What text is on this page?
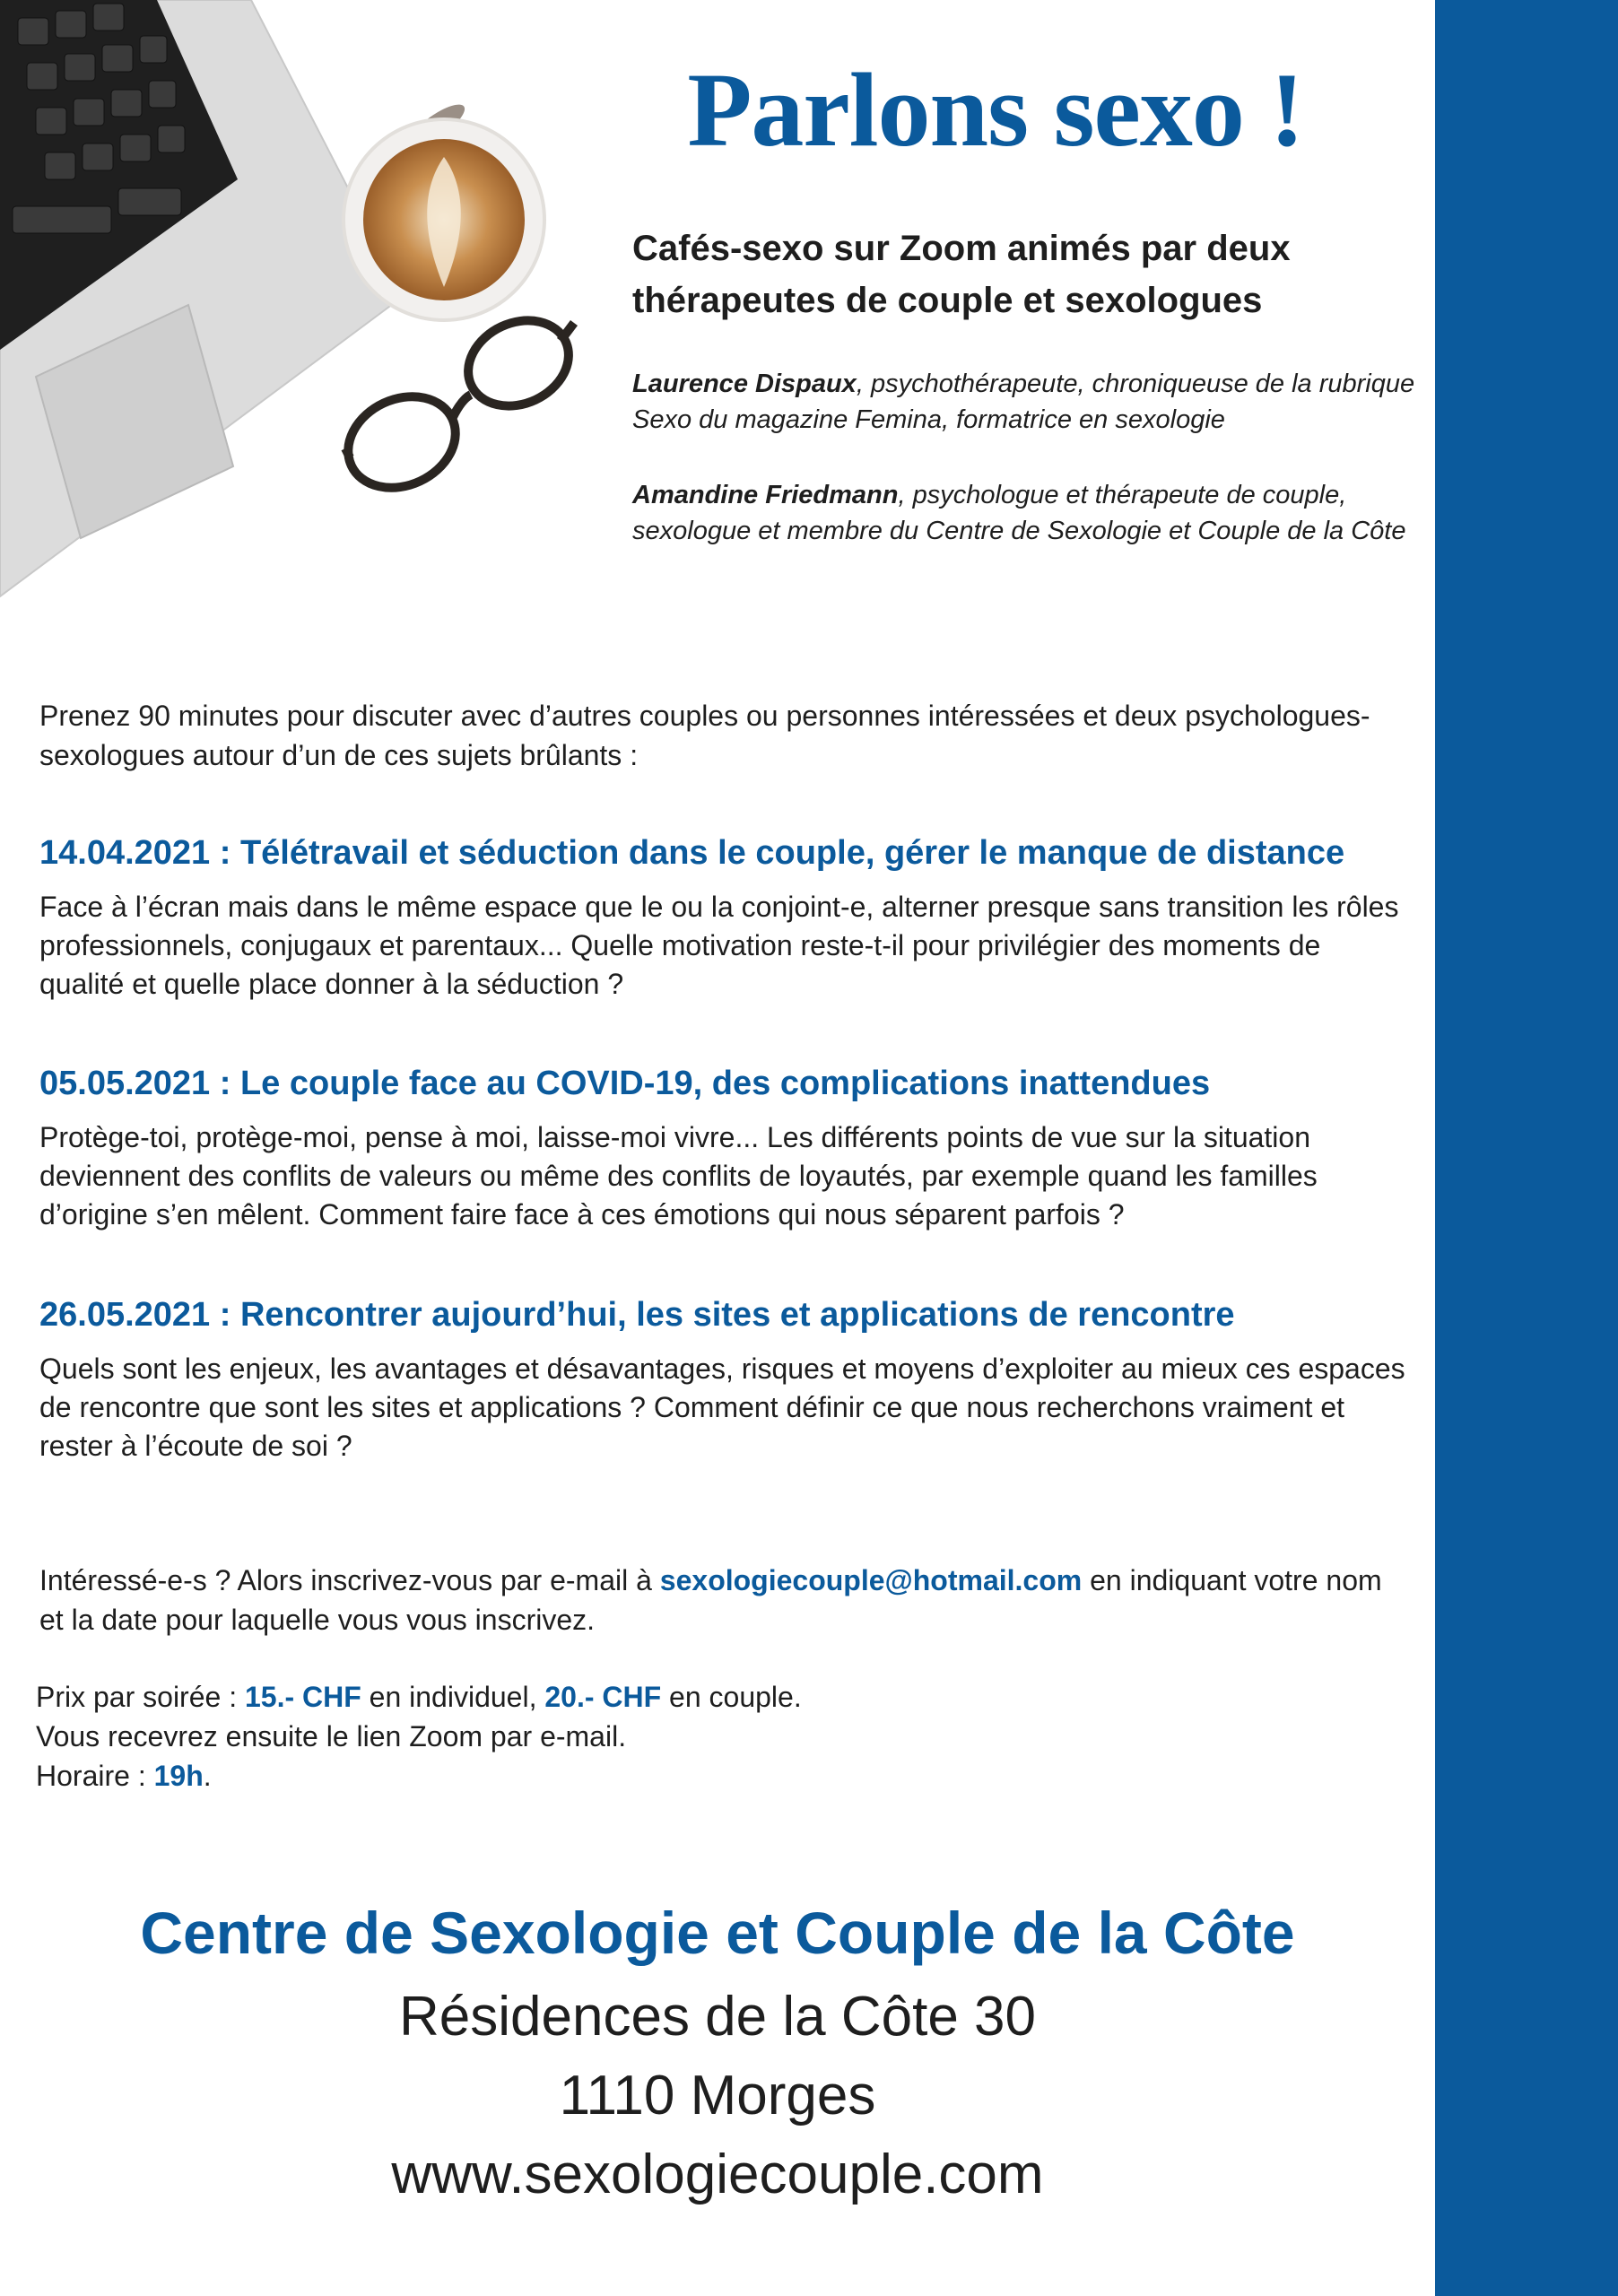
Parlons sexo !
Cafés-sexo sur Zoom animés par deux
thérapeutes de couple et sexologues

Laurence Dispaux, psychothérapeute, chroniqueuse de la rubrique Sexo du magazine Femina, formatrice en sexologie

Amandine Friedmann, psychologue et thérapeute de couple, sexologue et membre du Centre de Sexologie et Couple de la Côte

Prenez 90 minutes pour discuter avec d’autres couples ou personnes intéressées et deux psychologues-sexologues autour d’un de ces sujets brûlants :

14.04.2021 : Télétravail et séduction dans le couple, gérer le manque de distance

Face à l’écran mais dans le même espace que le ou la conjoint-e, alterner presque sans transition les rôles professionnels, conjugaux et parentaux... Quelle motivation reste-t-il pour privilégier des moments de qualité et quelle place donner à la séduction ?

05.05.2021 : Le couple face au COVID-19, des complications inattendues

Protège-toi, protège-moi, pense à moi, laisse-moi vivre... Les différents points de vue sur la situation deviennent des conflits de valeurs ou même des conflits de loyautés, par exemple quand les familles d’origine s’en mêlent. Comment faire face à ces émotions qui nous séparent parfois ?

26.05.2021 : Rencontrer aujourd’hui, les sites et applications de rencontre

Quels sont les enjeux, les avantages et désavantages, risques et moyens d’exploiter au mieux ces espaces de rencontre que sont les sites et applications ? Comment définir ce que nous recherchons vraiment et rester à l’écoute de soi ?

Intéressé-e-s ? Alors inscrivez-vous par e-mail à sexologiecouple@hotmail.com en indiquant votre nom et la date pour laquelle vous vous inscrivez.

Prix par soirée : 15.- CHF en individuel, 20.- CHF en couple.
Vous recevrez ensuite le lien Zoom par e-mail.
Horaire : 19h.
Centre de Sexologie et Couple de la Côte
Résidences de la Côte 30
1110 Morges
www.sexologiecouple.com
